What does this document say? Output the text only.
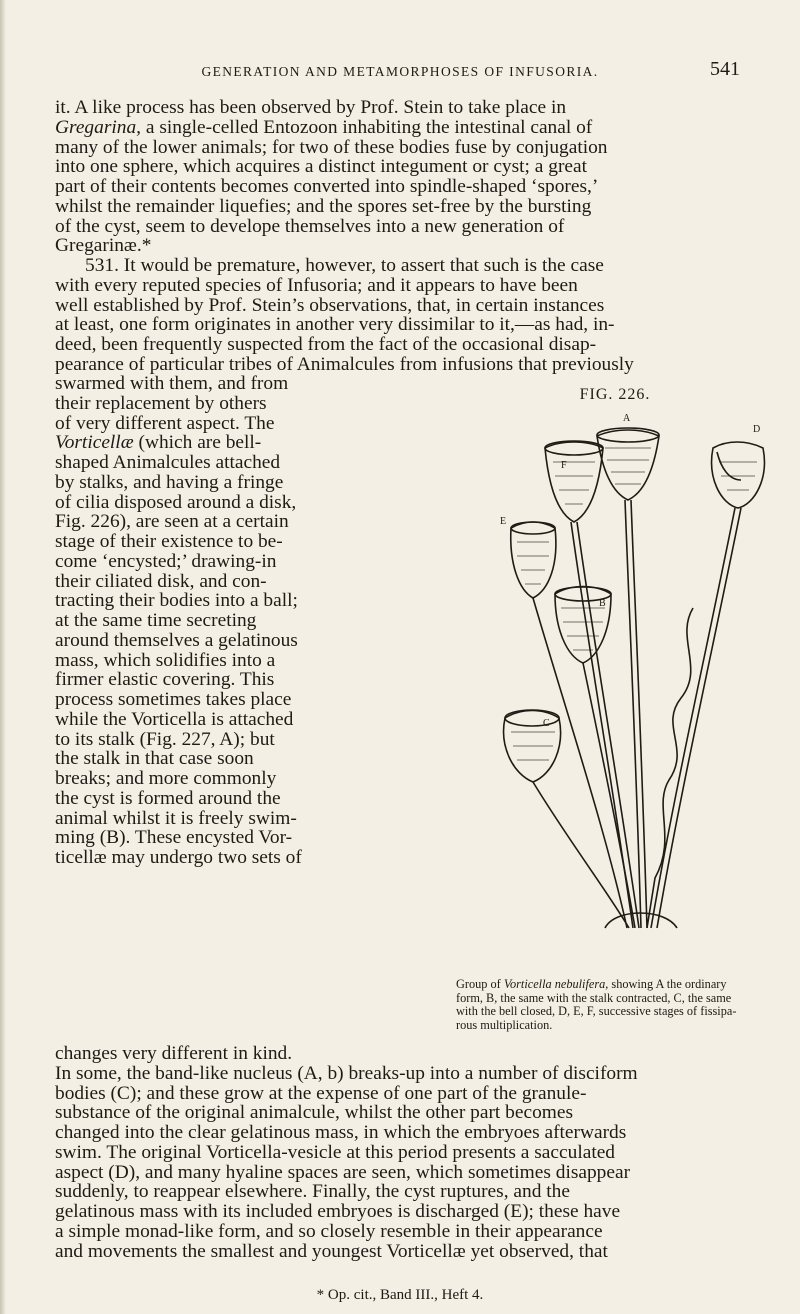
GENERATION AND METAMORPHOSES OF INFUSORIA.	541

it. A like process has been observed by Prof. Stein to take place in

Gregarina, a single-celled Entozoon inhabiting the intestinal canal of

many of the lower animals; for two of these bodies fuse by conjugation

into one sphere, which acquires a distinct integument or cyst; a great

part of their contents becomes converted into spindle-shaped ‘spores,’

whilst the remainder liquefies; and the spores set-free by the bursting

of the cyst, seem to develope themselves into a new generation of

Gregarinæ.*

531. It would be premature, however, to assert that such is the case

with every reputed species of Infusoria; and it appears to have been

well established by Prof. Stein’s observations, that, in certain instances

at least, one form originates in another very dissimilar to it,—as had, in-

deed, been frequently suspected from the fact of the occasional disap-

pearance of particular tribes of Animalcules from infusions that previously

swarmed with them, and from

their replacement by others

of very different aspect. The

Vorticellæ (which are bell-

shaped Animalcules attached

by stalks, and having a fringe

of cilia disposed around a disk,

Fig. 226), are seen at a certain

stage of their existence to be-

come ‘encysted;’ drawing-in

their ciliated disk, and con-

tracting their bodies into a ball;

at the same time secreting

around themselves a gelatinous

mass, which solidifies into a

firmer elastic covering. This

process sometimes takes place

while the Vorticella is attached

to its stalk (Fig. 227, A); but

the stalk in that case soon

breaks; and more commonly

the cyst is formed around the

animal whilst it is freely swim-

ming (B). These encysted Vor-

ticellæ may undergo two sets of

FIG. 226.
A
D
F
E
B
C

Group of Vorticella nebulifera, showing A the ordinary

form, B, the same with the stalk contracted, C, the same

with the bell closed, D, E, F, successive stages of fissipa-

rous multiplication.

changes very different in kind.

In some, the band-like nucleus (A, b) breaks-up into a number of disciform

bodies (C); and these grow at the expense of one part of the granule-

substance of the original animalcule, whilst the other part becomes

changed into the clear gelatinous mass, in which the embryoes afterwards

swim. The original Vorticella-vesicle at this period presents a sacculated

aspect (D), and many hyaline spaces are seen, which sometimes disappear

suddenly, to reappear elsewhere. Finally, the cyst ruptures, and the

gelatinous mass with its included embryoes is discharged (E); these have

a simple monad-like form, and so closely resemble in their appearance

and movements the smallest and youngest Vorticellæ yet observed, that

* Op. cit., Band III., Heft 4.
